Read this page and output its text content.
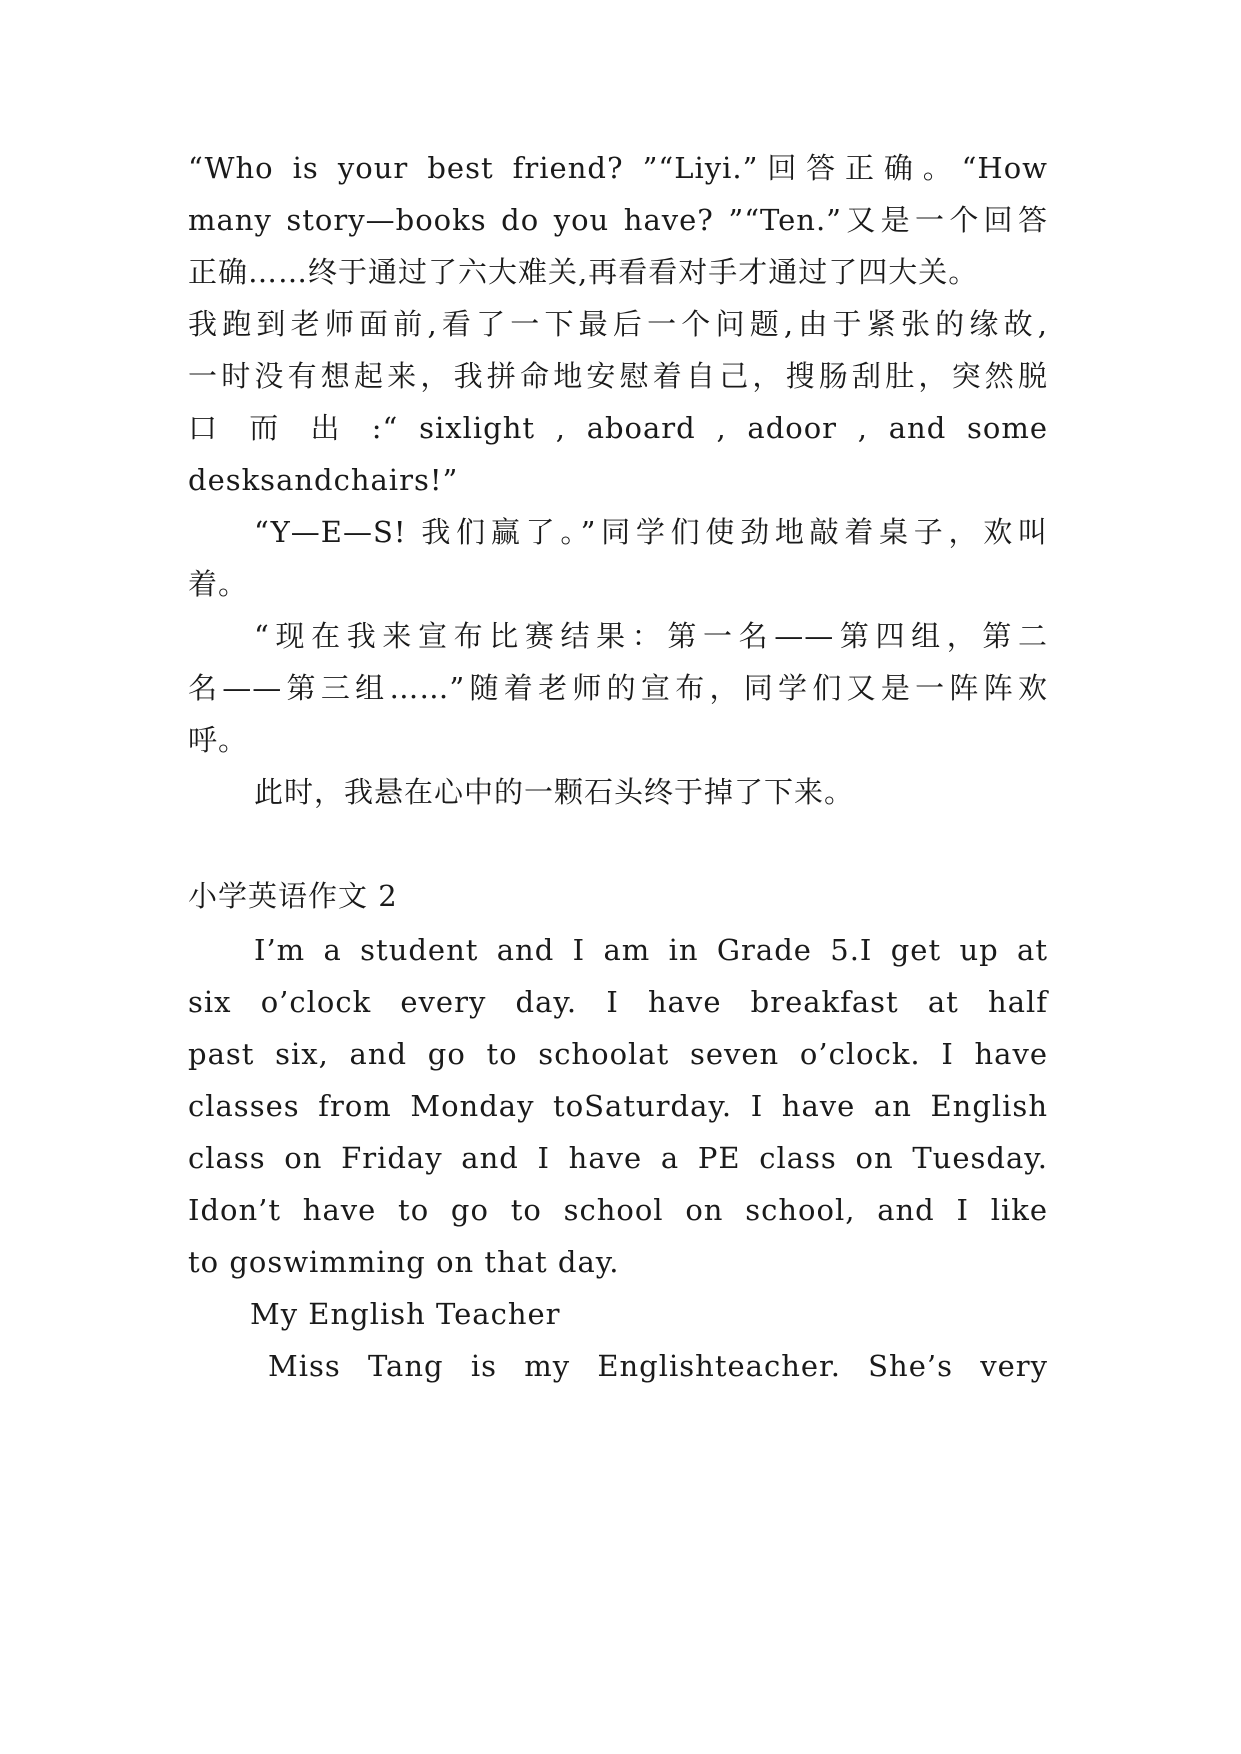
“Who is your best friend? ”“Liyi.”回答正确。“How
many story—books do you have? ”“Ten.”又是一个回答
正确……终于通过了六大难关,再看看对手才通过了四大关。
我跑到老师面前,看了一下最后一个问题,由于紧张的缘故,
一时没有想起来，我拼命地安慰着自己，搜肠刮肚，突然脱
口 而 出 :“ sixlight , aboard , adoor , and some
desksandchairs!”
“Y—E—S! 我们赢了。”同学们使劲地敲着桌子，欢叫
着。
“现在我来宣布比赛结果：第一名——第四组，第二
名——第三组……”随着老师的宣布，同学们又是一阵阵欢
呼。
此时，我悬在心中的一颗石头终于掉了下来。
小学英语作文 2
I’m a student and I am in Grade 5.I get up at
six o’clock every day. I have breakfast at half
past six, and go to schoolat seven o’clock. I have
classes from Monday toSaturday. I have an English
class on Friday and I have a PE class on Tuesday.
Idon’t have to go to school on school, and I like
to goswimming on that day.
My English Teacher
Miss Tang is my Englishteacher. She’s very
